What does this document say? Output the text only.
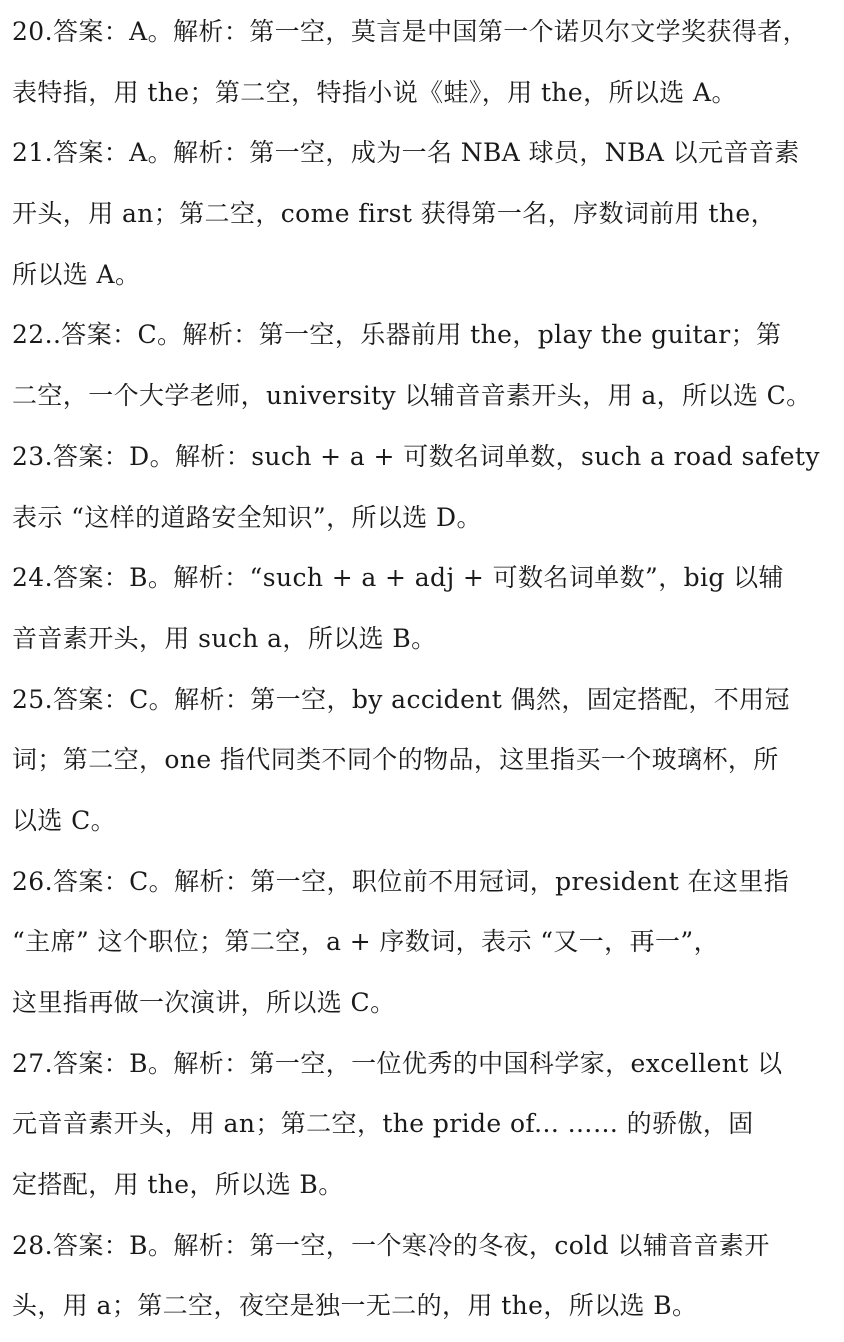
20.答案：A。解析：第一空，莫言是中国第一个诺贝尔文学奖获得者，
表特指，用 the；第二空，特指小说《蛙》，用 the，所以选 A。
21.答案：A。解析：第一空，成为一名 NBA 球员，NBA 以元音音素
开头，用 an；第二空，come first 获得第一名，序数词前用 the，
所以选 A。
22..答案：C。解析：第一空，乐器前用 the，play the guitar；第
二空，一个大学老师，university 以辅音音素开头，用 a，所以选 C。
23.答案：D。解析：such + a + 可数名词单数，such a road safety
表示 “这样的道路安全知识”，所以选 D。
24.答案：B。解析：“such + a + adj + 可数名词单数”，big 以辅
音音素开头，用 such a，所以选 B。
25.答案：C。解析：第一空，by accident 偶然，固定搭配，不用冠
词；第二空，one 指代同类不同个的物品，这里指买一个玻璃杯，所
以选 C。
26.答案：C。解析：第一空，职位前不用冠词，president 在这里指
“主席” 这个职位；第二空，a + 序数词，表示 “又一，再一”，
这里指再做一次演讲，所以选 C。
27.答案：B。解析：第一空，一位优秀的中国科学家，excellent 以
元音音素开头，用 an；第二空，the pride of... …… 的骄傲，固
定搭配，用 the，所以选 B。
28.答案：B。解析：第一空，一个寒冷的冬夜，cold 以辅音音素开
头，用 a；第二空，夜空是独一无二的，用 the，所以选 B。
